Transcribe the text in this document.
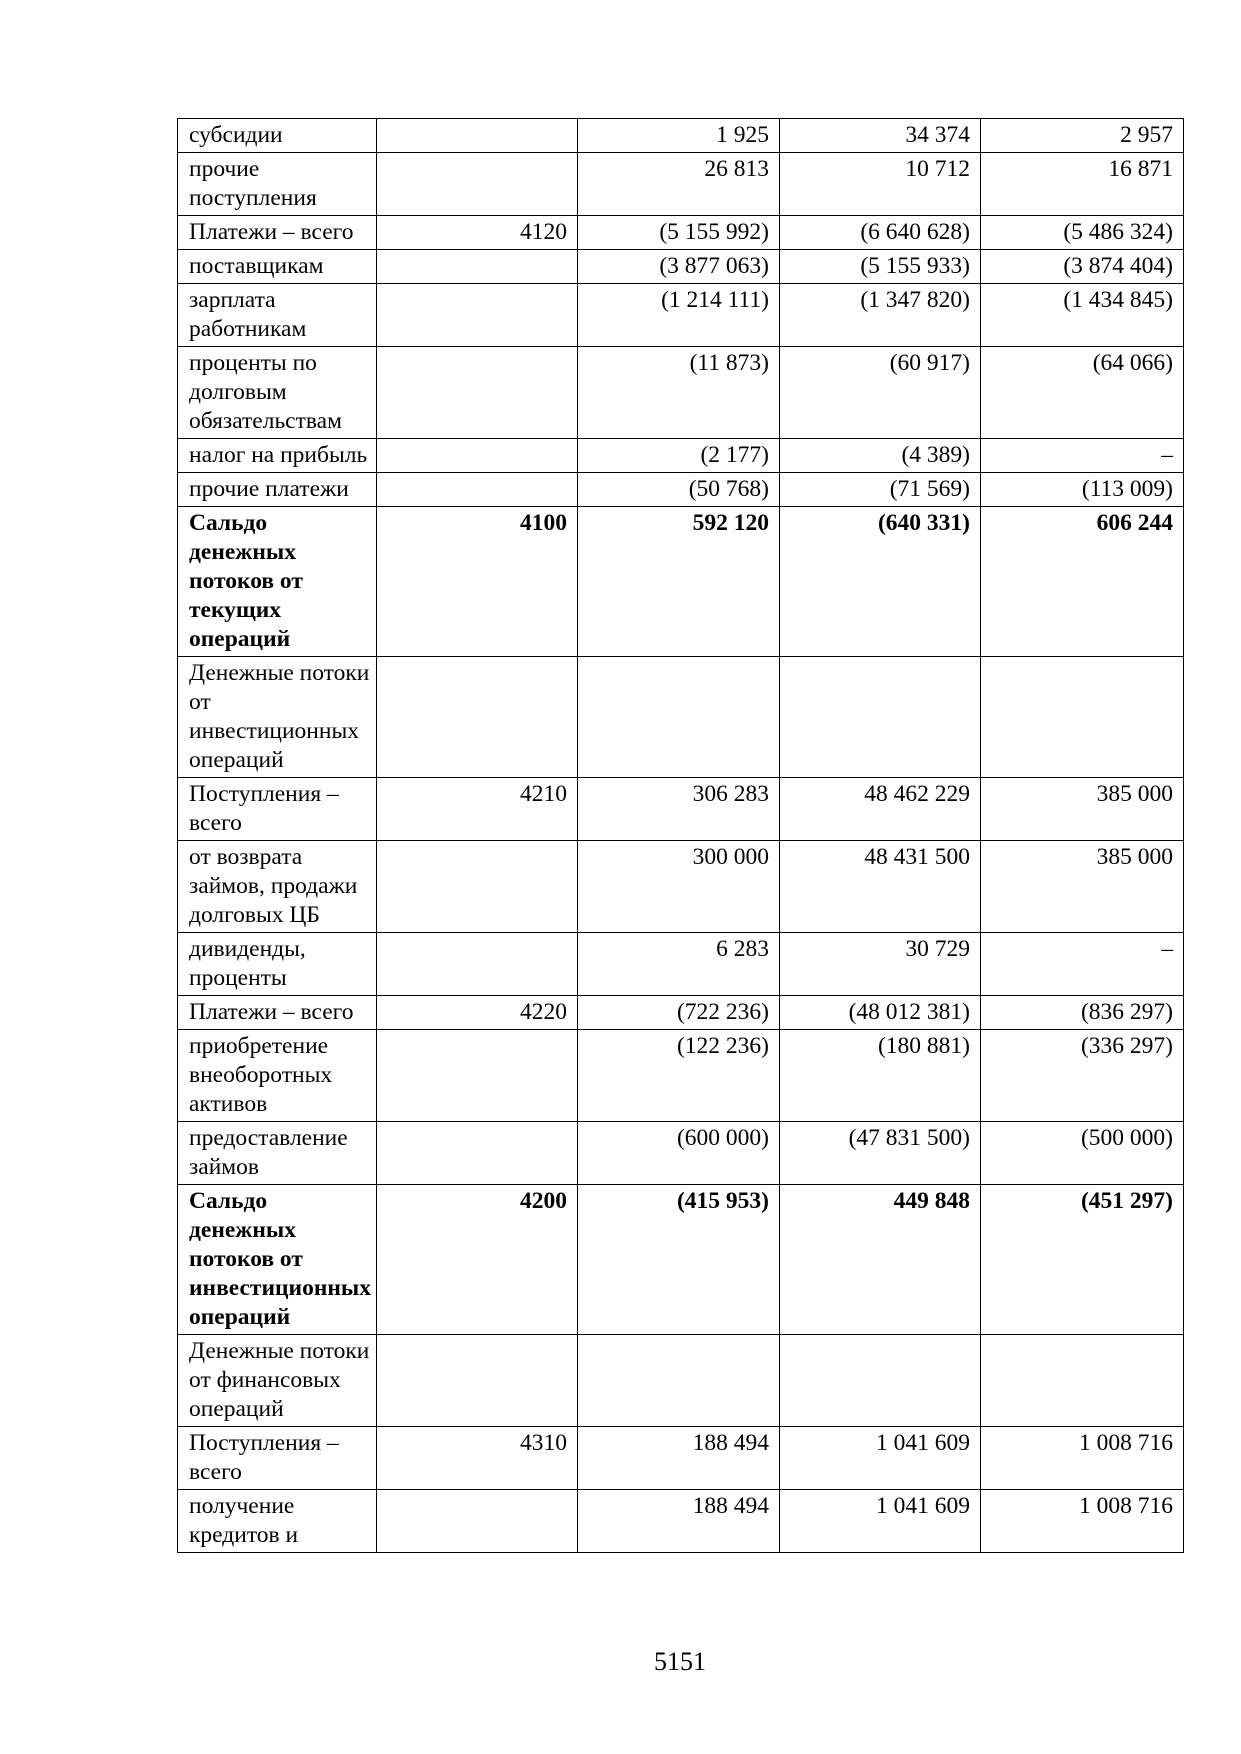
субсидии		1 925	34 374	2 957
прочие поступления		26 813	10 712	16 871
Платежи – всего	4120	(5 155 992)	(6 640 628)	(5 486 324)
поставщикам		(3 877 063)	(5 155 933)	(3 874 404)
зарплата работникам		(1 214 111)	(1 347 820)	(1 434 845)
проценты по долговым обязательствам		(11 873)	(60 917)	(64 066)
налог на прибыль		(2 177)	(4 389)	–
прочие платежи		(50 768)	(71 569)	(113 009)
Сальдо денежных потоков от текущих операций	4100	592 120	(640 331)	606 244
Денежные потоки от инвестиционных операций				
Поступления – всего	4210	306 283	48 462 229	385 000
от возврата займов, продажи долговых ЦБ		300 000	48 431 500	385 000
дивиденды, проценты		6 283	30 729	–
Платежи – всего	4220	(722 236)	(48 012 381)	(836 297)
приобретение внеоборотных активов		(122 236)	(180 881)	(336 297)
предоставление займов		(600 000)	(47 831 500)	(500 000)
Сальдо денежных потоков от инвестиционных операций	4200	(415 953)	449 848	(451 297)
Денежные потоки от финансовых операций				
Поступления – всего	4310	188 494	1 041 609	1 008 716
получение кредитов и		188 494	1 041 609	1 008 716
5151
